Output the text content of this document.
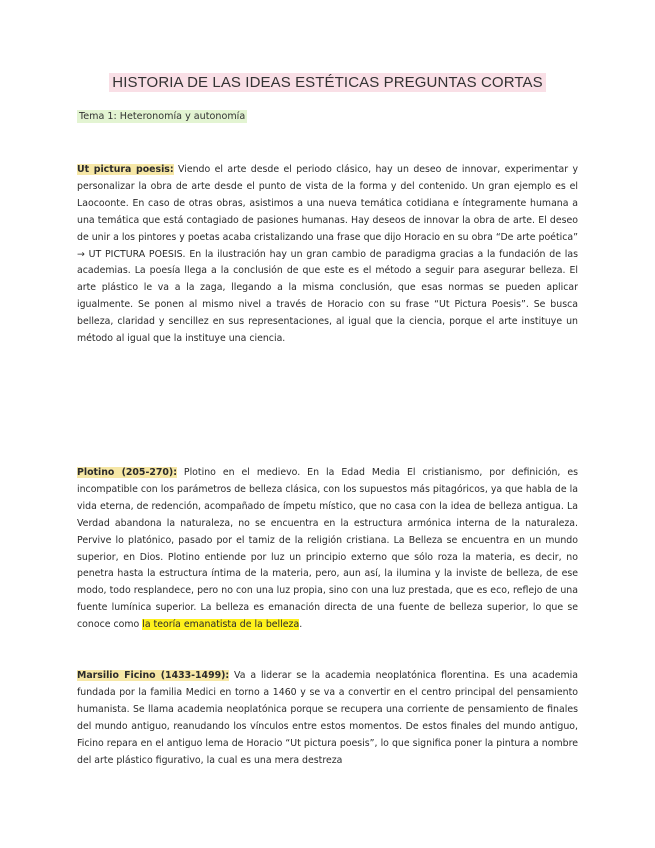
HISTORIA DE LAS IDEAS ESTÉTICAS PREGUNTAS CORTAS
Tema 1: Heteronomía y autonomía

Ut pictura poesis: Viendo el arte desde el periodo clásico, hay un deseo de innovar, experimentar y personalizar la obra de arte desde el punto de vista de la forma y del contenido. Un gran ejemplo es el Laocoonte. En caso de otras obras, asistimos a una nueva temática cotidiana e íntegramente humana a una temática que está contagiado de pasiones humanas. Hay deseos de innovar la obra de arte. El deseo de unir a los pintores y poetas acaba cristalizando una frase que dijo Horacio en su obra “De arte poética” → UT PICTURA POESIS. En la ilustración hay un gran cambio de paradigma gracias a la fundación de las academias. La poesía llega a la conclusión de que este es el método a seguir para asegurar belleza. El arte plástico le va a la zaga, llegando a la misma conclusión, que esas normas se pueden aplicar igualmente. Se ponen al mismo nivel a través de Horacio con su frase “Ut Pictura Poesis”. Se busca belleza, claridad y sencillez en sus representaciones, al igual que la ciencia, porque el arte instituye un método al igual que la instituye una ciencia.

Plotino (205-270): Plotino en el medievo. En la Edad Media El cristianismo, por definición, es incompatible con los parámetros de belleza clásica, con los supuestos más pitagóricos, ya que habla de la vida eterna, de redención, acompañado de ímpetu místico, que no casa con la idea de belleza antigua. La Verdad abandona la naturaleza, no se encuentra en la estructura armónica interna de la naturaleza. Pervive lo platónico, pasado por el tamiz de la religión cristiana. La Belleza se encuentra en un mundo superior, en Dios. Plotino entiende por luz un principio externo que sólo roza la materia, es decir, no penetra hasta la estructura íntima de la materia, pero, aun así, la ilumina y la inviste de belleza, de ese modo, todo resplandece, pero no con una luz propia, sino con una luz prestada, que es eco, reflejo de una fuente lumínica superior. La belleza es emanación directa de una fuente de belleza superior, lo que se conoce como la teoría emanatista de la belleza.

Marsilio Ficino (1433-1499): Va a liderar se la academia neoplatónica florentina. Es una academia fundada por la familia Medici en torno a 1460 y se va a convertir en el centro principal del pensamiento humanista. Se llama academia neoplatónica porque se recupera una corriente de pensamiento de finales del mundo antiguo, reanudando los vínculos entre estos momentos. De estos finales del mundo antiguo, Ficino repara en el antiguo lema de Horacio “Ut pictura poesis”, lo que significa poner la pintura a nombre del arte plástico figurativo, la cual es una mera destreza
